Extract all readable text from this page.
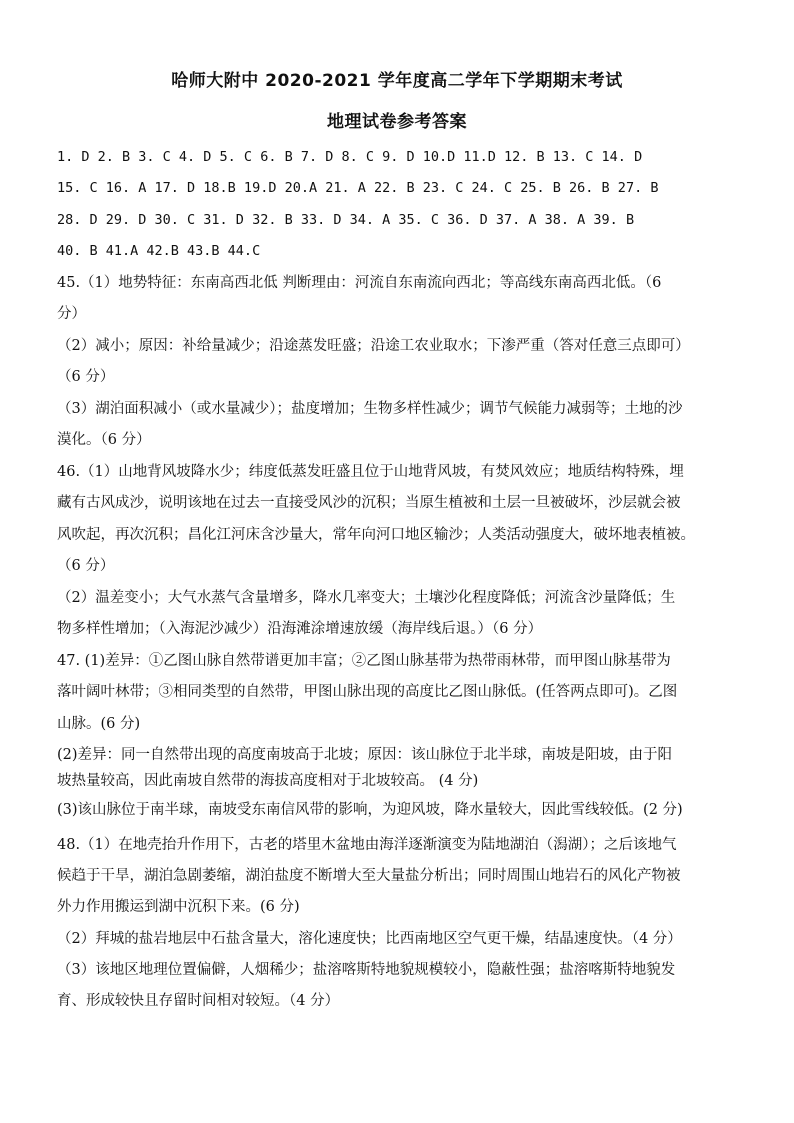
哈师大附中 2020-2021 学年度高二学年下学期期末考试
地理试卷参考答案
1. D 2. B 3. C 4. D 5. C 6. B 7. D 8. C 9. D 10.D 11.D 12. B 13. C 14. D
15. C 16. A 17. D 18.B 19.D 20.A 21. A 22. B 23. C 24. C 25. B 26. B 27. B
28. D 29. D 30. C 31. D 32. B 33. D 34. A 35. C 36. D 37. A 38. A 39. B
40. B 41.A 42.B 43.B 44.C
45.（1）地势特征：东南高西北低 判断理由：河流自东南流向西北；等高线东南高西北低。（6
分）
（2）减小；原因：补给量减少；沿途蒸发旺盛；沿途工农业取水；下渗严重（答对任意三点即可）
（6 分）
（3）湖泊面积减小（或水量减少）；盐度增加；生物多样性减少；调节气候能力减弱等；土地的沙
漠化。（6 分）
46.（1）山地背风坡降水少；纬度低蒸发旺盛且位于山地背风坡，有焚风效应；地质结构特殊，埋
藏有古风成沙，说明该地在过去一直接受风沙的沉积；当原生植被和土层一旦被破坏，沙层就会被
风吹起，再次沉积；昌化江河床含沙量大，常年向河口地区输沙；人类活动强度大，破坏地表植被。
（6 分）
（2）温差变小；大气水蒸气含量增多，降水几率变大；土壤沙化程度降低；河流含沙量降低；生
物多样性增加；（入海泥沙减少）沿海滩涂增速放缓（海岸线后退。）（6 分）
47. (1)差异：①乙图山脉自然带谱更加丰富；②乙图山脉基带为热带雨林带，而甲图山脉基带为
落叶阔叶林带；③相同类型的自然带，甲图山脉出现的高度比乙图山脉低。(任答两点即可)。乙图
山脉。(6 分)
(2)差异：同一自然带出现的高度南坡高于北坡；原因：该山脉位于北半球，南坡是阳坡，由于阳
坡热量较高，因此南坡自然带的海拔高度相对于北坡较高。 (4 分)
(3)该山脉位于南半球，南坡受东南信风带的影响，为迎风坡，降水量较大，因此雪线较低。(2 分)
48.（1）在地壳抬升作用下，古老的塔里木盆地由海洋逐渐演变为陆地湖泊（潟湖）；之后该地气
候趋于干旱，湖泊急剧萎缩，湖泊盐度不断增大至大量盐分析出；同时周围山地岩石的风化产物被
外力作用搬运到湖中沉积下来。(6 分)
（2）拜城的盐岩地层中石盐含量大，溶化速度快；比西南地区空气更干燥，结晶速度快。（4 分）
（3）该地区地理位置偏僻，人烟稀少；盐溶喀斯特地貌规模较小，隐蔽性强；盐溶喀斯特地貌发
育、形成较快且存留时间相对较短。（4 分）
